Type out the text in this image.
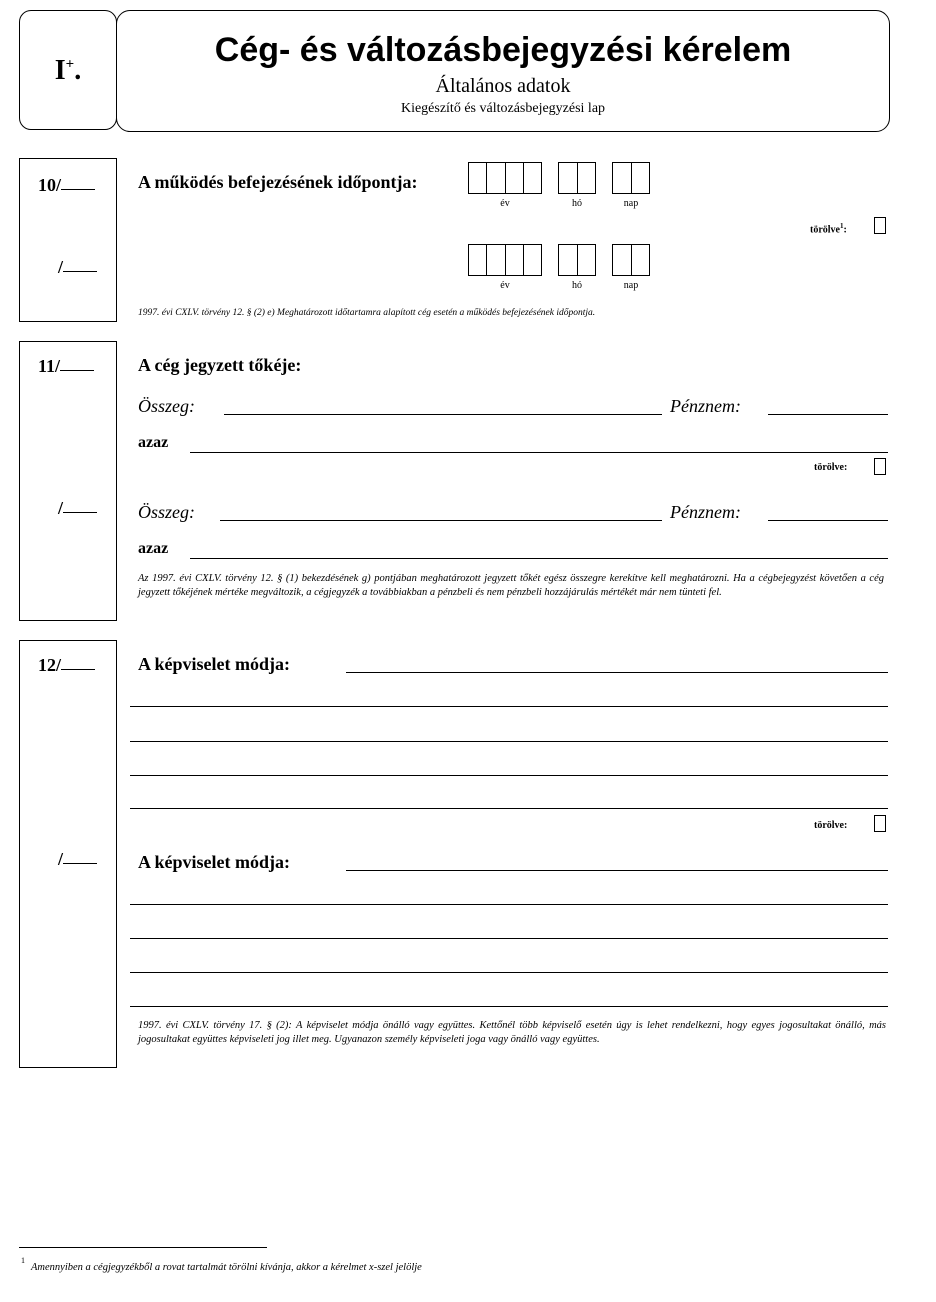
I+.
Cég- és változásbejegyzési kérelem
Általános adatok
Kiegészítő és változásbejegyzési lap
10/
/
A működés befejezésének időpontja:
év	hó	nap
törölve$^1$:
év	hó	nap
1997. évi CXLV. törvény 12. § (2) e) Meghatározott időtartamra alapított cég esetén a működés befejezésének időpontja.
11/
/
A cég jegyzett tőkéje:
Összeg:	Pénznem:
azaz
törölve:
Összeg:	Pénznem:
azaz
Az 1997. évi CXLV. törvény 12. § (1) bekezdésének g) pontjában meghatározott jegyzett tőkét egész összegre kerekítve kell meghatározni. Ha a cégbejegyzést követően a cég jegyzett tőkéjének mértéke megváltozik, a cégjegyzék a továbbiakban a pénzbeli és nem pénzbeli hozzájárulás mértékét már nem tünteti fel.
12/
/
A képviselet módja:
törölve:
A képviselet módja:
1997. évi CXLV. törvény 17. § (2): A képviselet módja önálló vagy együttes. Kettőnél több képviselő esetén úgy is lehet rendelkezni, hogy egyes jogosultakat önálló, más jogosultakat együttes képviseleti jog illet meg. Ugyanazon személy képviseleti joga vagy önálló vagy együttes.
1
Amennyiben a cégjegyzékből a rovat tartalmát törölni kívánja, akkor a kérelmet x-szel jelölje
